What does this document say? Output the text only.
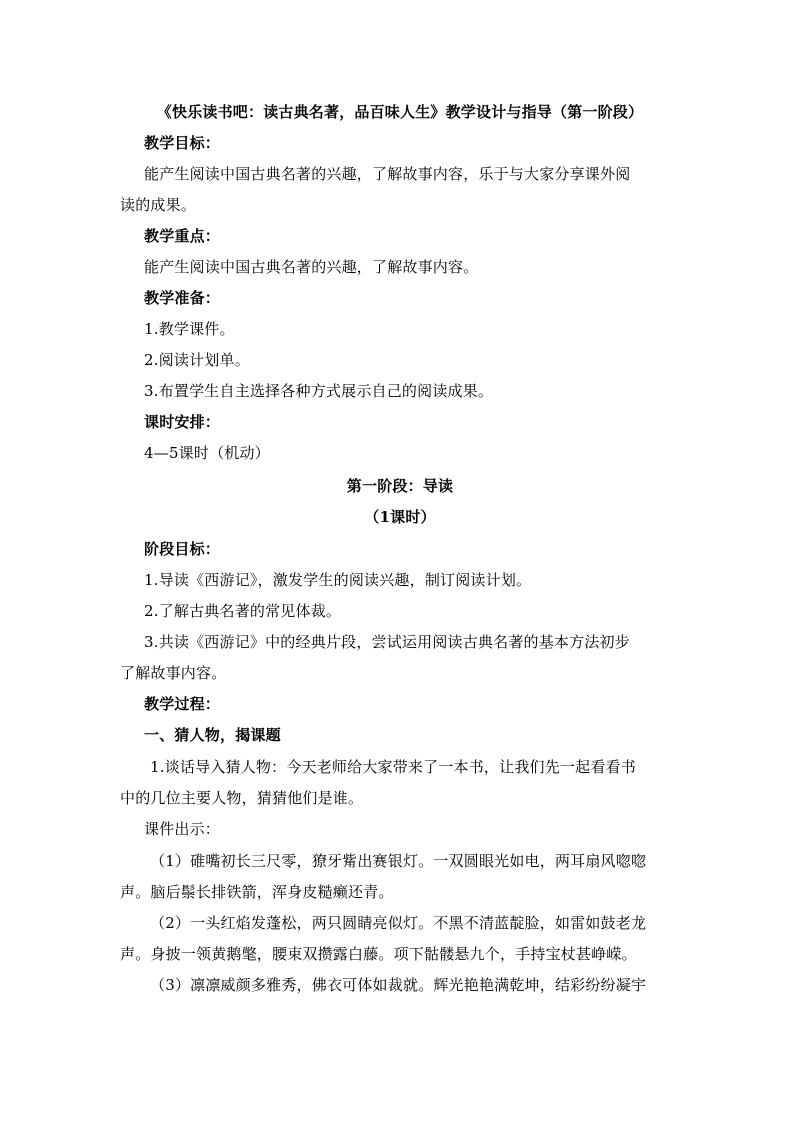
《快乐读书吧：读古典名著，品百味人生》教学设计与指导（第一阶段）
教学目标：
能产生阅读中国古典名著的兴趣，了解故事内容，乐于与大家分享课外阅
读的成果。
教学重点：
能产生阅读中国古典名著的兴趣，了解故事内容。
教学准备：
1.教学课件。
2.阅读计划单。
3.布置学生自主选择各种方式展示自己的阅读成果。
课时安排：
4—5课时（机动）
第一阶段：导读
（1课时）
阶段目标：
1.导读《西游记》，激发学生的阅读兴趣，制订阅读计划。
2.了解古典名著的常见体裁。
3.共读《西游记》中的经典片段，尝试运用阅读古典名著的基本方法初步
了解故事内容。
教学过程：
一、猜人物，揭课题
1.谈话导入猜人物：今天老师给大家带来了一本书，让我们先一起看看书
中的几位主要人物，猜猜他们是谁。
课件出示：
（1）碓嘴初长三尺零，獠牙觜出赛银灯。一双圆眼光如电，两耳扇风唿唿
声。脑后鬃长排铁箭，浑身皮糙癞还青。
（2）一头红焰发蓬松，两只圆睛亮似灯。不黑不清蓝靛脸，如雷如鼓老龙
声。身披一领黄鹅氅，腰束双攒露白藤。项下骷髅悬九个，手持宝杖甚峥嵘。
（3）凛凛威颜多雅秀，佛衣可体如裁就。辉光艳艳满乾坤，结彩纷纷凝宇
